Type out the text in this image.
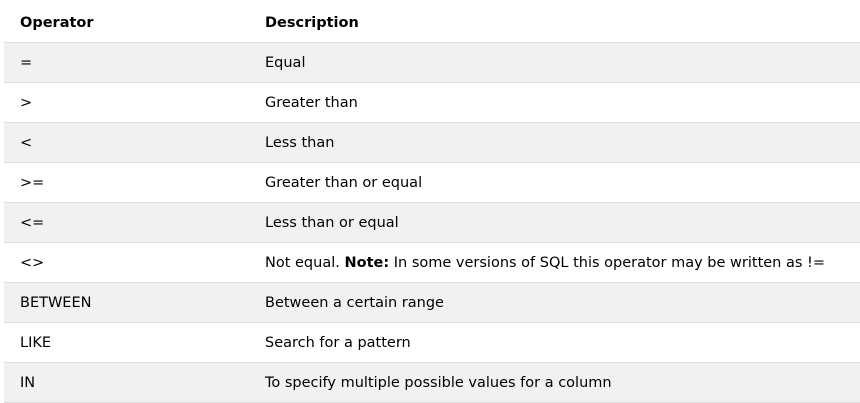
Operator	Description
=	Equal
>	Greater than
<	Less than
>=	Greater than or equal
<=	Less than or equal
<>	Not equal. Note: In some versions of SQL this operator may be written as !=
BETWEEN	Between a certain range
LIKE	Search for a pattern
IN	To specify multiple possible values for a column
